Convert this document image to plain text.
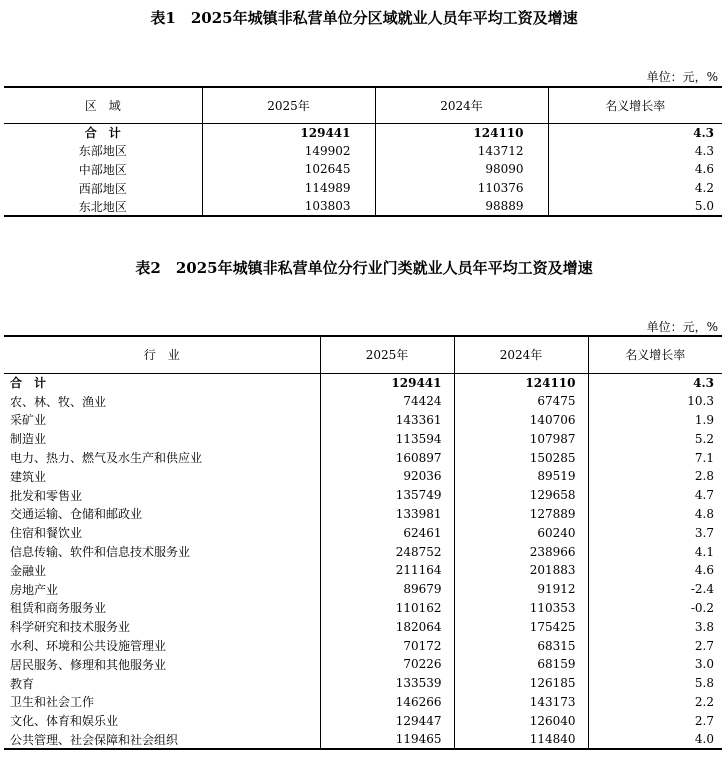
表1　2025年城镇非私营单位分区域就业人员年平均工资及增速

单位：元，%

区　域	2025年	2024年	名义增长率
合　计	129441	124110	4.3
东部地区	149902	143712	4.3
中部地区	102645	98090	4.6
西部地区	114989	110376	4.2
东北地区	103803	98889	5.0
表2　2025年城镇非私营单位分行业门类就业人员年平均工资及增速

单位：元，%

行　业	2025年	2024年	名义增长率
合　计	129441	124110	4.3
农、林、牧、渔业	74424	67475	10.3
采矿业	143361	140706	1.9
制造业	113594	107987	5.2
电力、热力、燃气及水生产和供应业	160897	150285	7.1
建筑业	92036	89519	2.8
批发和零售业	135749	129658	4.7
交通运输、仓储和邮政业	133981	127889	4.8
住宿和餐饮业	62461	60240	3.7
信息传输、软件和信息技术服务业	248752	238966	4.1
金融业	211164	201883	4.6
房地产业	89679	91912	-2.4
租赁和商务服务业	110162	110353	-0.2
科学研究和技术服务业	182064	175425	3.8
水利、环境和公共设施管理业	70172	68315	2.7
居民服务、修理和其他服务业	70226	68159	3.0
教育	133539	126185	5.8
卫生和社会工作	146266	143173	2.2
文化、体育和娱乐业	129447	126040	2.7
公共管理、社会保障和社会组织	119465	114840	4.0
